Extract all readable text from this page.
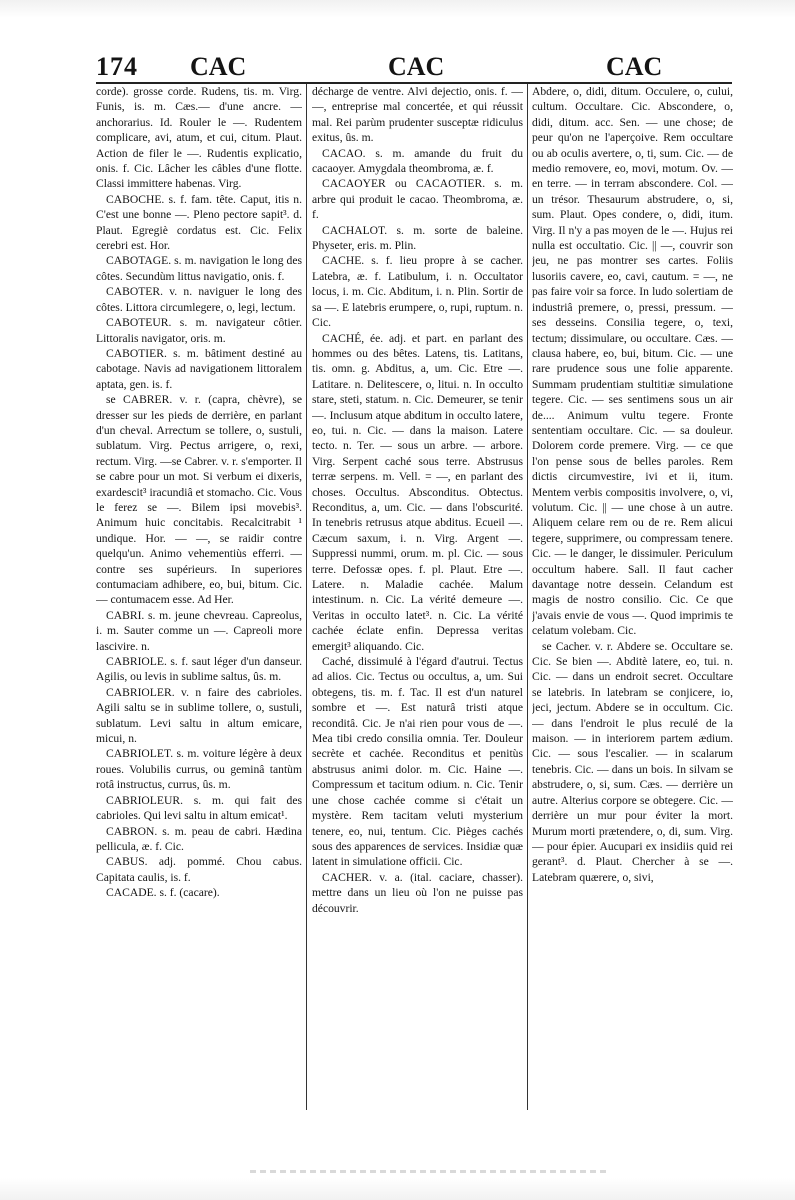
174 CAC	CAC	CAC

corde). grosse corde. Rudens, tis. m. Virg. Funis, is. m. Cæs.— d'une ancre. — anchorarius. Id. Rouler le —. Rudentem complicare, avi, atum, et cui, citum. Plaut. Action de filer le —. Rudentis explicatio, onis. f. Cic. Lâcher les câbles d'une flotte. Classi immittere habenas. Virg.

CABOCHE. s. f. fam. tête. Caput, itis n. C'est une bonne —. Pleno pectore sapit³. d. Plaut. Egregiè cordatus est. Cic. Felix cerebri est. Hor.

CABOTAGE. s. m. navigation le long des côtes. Secundùm littus navigatio, onis. f.

CABOTER. v. n. naviguer le long des côtes. Littora circumlegere, o, legi, lectum.

CABOTEUR. s. m. navigateur côtier. Littoralis navigator, oris. m.

CABOTIER. s. m. bâtiment destiné au cabotage. Navis ad navigationem littoralem aptata, gen. is. f.

se CABRER. v. r. (capra, chèvre), se dresser sur les pieds de derrière, en parlant d'un cheval. Arrectum se tollere, o, sustuli, sublatum. Virg. Pectus arrigere, o, rexi, rectum. Virg. —se Cabrer. v. r. s'emporter. Il se cabre pour un mot. Si verbum ei dixeris, exardescit³ iracundiâ et stomacho. Cic. Vous le ferez se —. Bilem ipsi movebis³. Animum huic concitabis. Recalcitrabit ¹ undique. Hor. — —, se raidir contre quelqu'un. Animo vehementiùs efferri. — contre ses supérieurs. In superiores contumaciam adhibere, eo, bui, bitum. Cic. — contumacem esse. Ad Her.

CABRI. s. m. jeune chevreau. Capreolus, i. m. Sauter comme un —. Capreoli more lascivire. n.

CABRIOLE. s. f. saut léger d'un danseur. Agilis, ou levis in sublime saltus, ûs. m.

CABRIOLER. v. n faire des cabrioles. Agili saltu se in sublime tollere, o, sustuli, sublatum. Levi saltu in altum emicare, micui, n.

CABRIOLET. s. m. voiture légère à deux roues. Volubilis currus, ou geminâ tantùm rotâ instructus, currus, ûs. m.

CABRIOLEUR. s. m. qui fait des cabrioles. Qui levi saltu in altum emicat¹.

CABRON. s. m. peau de cabri. Hædina pellicula, æ. f. Cic.

CABUS. adj. pommé. Chou cabus. Capitata caulis, is. f.

CACADE. s. f. (cacare).

décharge de ventre. Alvi dejectio, onis. f. — —, entreprise mal concertée, et qui réussit mal. Rei parùm prudenter susceptæ ridiculus exitus, ûs. m.

CACAO. s. m. amande du fruit du cacaoyer. Amygdala theombroma, æ. f.

CACAOYER ou CACAOTIER. s. m. arbre qui produit le cacao. Theombroma, æ. f.

CACHALOT. s. m. sorte de baleine. Physeter, eris. m. Plin.

CACHE. s. f. lieu propre à se cacher. Latebra, æ. f. Latibulum, i. n. Occultator locus, i. m. Cic. Abditum, i. n. Plin. Sortir de sa —. E latebris erumpere, o, rupi, ruptum. n. Cic.

CACHÉ, ée. adj. et part. en parlant des hommes ou des bêtes. Latens, tis. Latitans, tis. omn. g. Abditus, a, um. Cic. Etre —. Latitare. n. Delitescere, o, litui. n. In occulto stare, steti, statum. n. Cic. Demeurer, se tenir —. Inclusum atque abditum in occulto latere, eo, tui. n. Cic. — dans la maison. Latere tecto. n. Ter. — sous un arbre. — arbore. Virg. Serpent caché sous terre. Abstrusus terræ serpens. m. Vell. = —, en parlant des choses. Occultus. Absconditus. Obtectus. Reconditus, a, um. Cic. — dans l'obscurité. In tenebris retrusus atque abditus. Ecueil —. Cæcum saxum, i. n. Virg. Argent —. Suppressi nummi, orum. m. pl. Cic. — sous terre. Defossæ opes. f. pl. Plaut. Etre —. Latere. n. Maladie cachée. Malum intestinum. n. Cic. La vérité demeure —. Veritas in occulto latet³. n. Cic. La vérité cachée éclate enfin. Depressa veritas emergit³ aliquando. Cic.

Caché, dissimulé à l'égard d'autrui. Tectus ad alios. Cic. Tectus ou occultus, a, um. Sui obtegens, tis. m. f. Tac. Il est d'un naturel sombre et —. Est naturâ tristi atque reconditâ. Cic. Je n'ai rien pour vous de —. Mea tibi credo consilia omnia. Ter. Douleur secrète et cachée. Reconditus et penitùs abstrusus animi dolor. m. Cic. Haine —. Compressum et tacitum odium. n. Cic. Tenir une chose cachée comme si c'était un mystère. Rem tacitam veluti mysterium tenere, eo, nui, tentum. Cic. Pièges cachés sous des apparences de services. Insidiæ quæ latent in simulatione officii. Cic.

CACHER. v. a. (ital. caciare, chasser). mettre dans un lieu où l'on ne puisse pas découvrir.

Abdere, o, didi, ditum. Occulere, o, cului, cultum. Occultare. Cic. Abscondere, o, didi, ditum. acc. Sen. — une chose; de peur qu'on ne l'aperçoive. Rem occultare ou ab oculis avertere, o, ti, sum. Cic. — de medio removere, eo, movi, motum. Ov. — en terre. — in terram abscondere. Col. — un trésor. Thesaurum abstrudere, o, si, sum. Plaut. Opes condere, o, didi, itum. Virg. Il n'y a pas moyen de le —. Hujus rei nulla est occultatio. Cic. || —, couvrir son jeu, ne pas montrer ses cartes. Foliis lusoriis cavere, eo, cavi, cautum. = —, ne pas faire voir sa force. In ludo solertiam de industriâ premere, o, pressi, pressum. — ses desseins. Consilia tegere, o, texi, tectum; dissimulare, ou occultare. Cæs. — clausa habere, eo, bui, bitum. Cic. — une rare prudence sous une folie apparente. Summam prudentiam stultitiæ simulatione tegere. Cic. — ses sentimens sous un air de.... Animum vultu tegere. Fronte sententiam occultare. Cic. — sa douleur. Dolorem corde premere. Virg. — ce que l'on pense sous de belles paroles. Rem dictis circumvestire, ivi et ii, itum. Mentem verbis compositis involvere, o, vi, volutum. Cic. || — une chose à un autre. Aliquem celare rem ou de re. Rem alicui tegere, supprimere, ou compressam tenere. Cic. — le danger, le dissimuler. Periculum occultum habere. Sall. Il faut cacher davantage notre dessein. Celandum est magis de nostro consilio. Cic. Ce que j'avais envie de vous —. Quod imprimis te celatum volebam. Cic.

se Cacher. v. r. Abdere se. Occultare se. Cic. Se bien —. Abditè latere, eo, tui. n. Cic. — dans un endroit secret. Occultare se latebris. In latebram se conjicere, io, jeci, jectum. Abdere se in occultum. Cic. — dans l'endroit le plus reculé de la maison. — in interiorem partem ædium. Cic. — sous l'escalier. — in scalarum tenebris. Cic. — dans un bois. In silvam se abstrudere, o, si, sum. Cæs. — derrière un autre. Alterius corpore se obtegere. Cic. — derrière un mur pour éviter la mort. Murum morti prætendere, o, di, sum. Virg. — pour épier. Aucupari ex insidiis quid rei gerant³. d. Plaut. Chercher à se —. Latebram quærere, o, sivi,
